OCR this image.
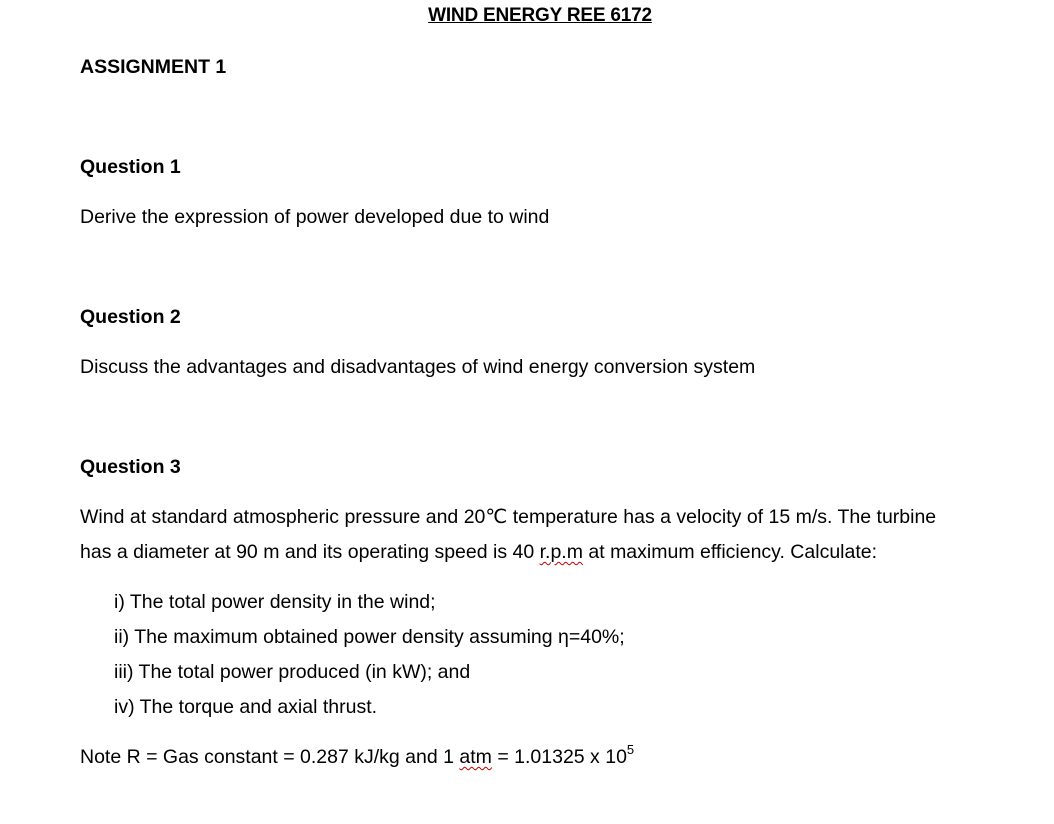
WIND ENERGY REE 6172
ASSIGNMENT 1
Question 1
Derive the expression of power developed due to wind
Question 2
Discuss the advantages and disadvantages of wind energy conversion system
Question 3
Wind at standard atmospheric pressure and 20℃ temperature has a velocity of 15 m/s. The turbine
has a diameter at 90 m and its operating speed is 40 r.p.m at maximum efficiency. Calculate:
i) The total power density in the wind;
ii) The maximum obtained power density assuming η=40%;
iii) The total power produced (in kW); and
iv) The torque and axial thrust.
Note R = Gas constant = 0.287 kJ/kg and 1 atm = 1.01325 x $10^5$
